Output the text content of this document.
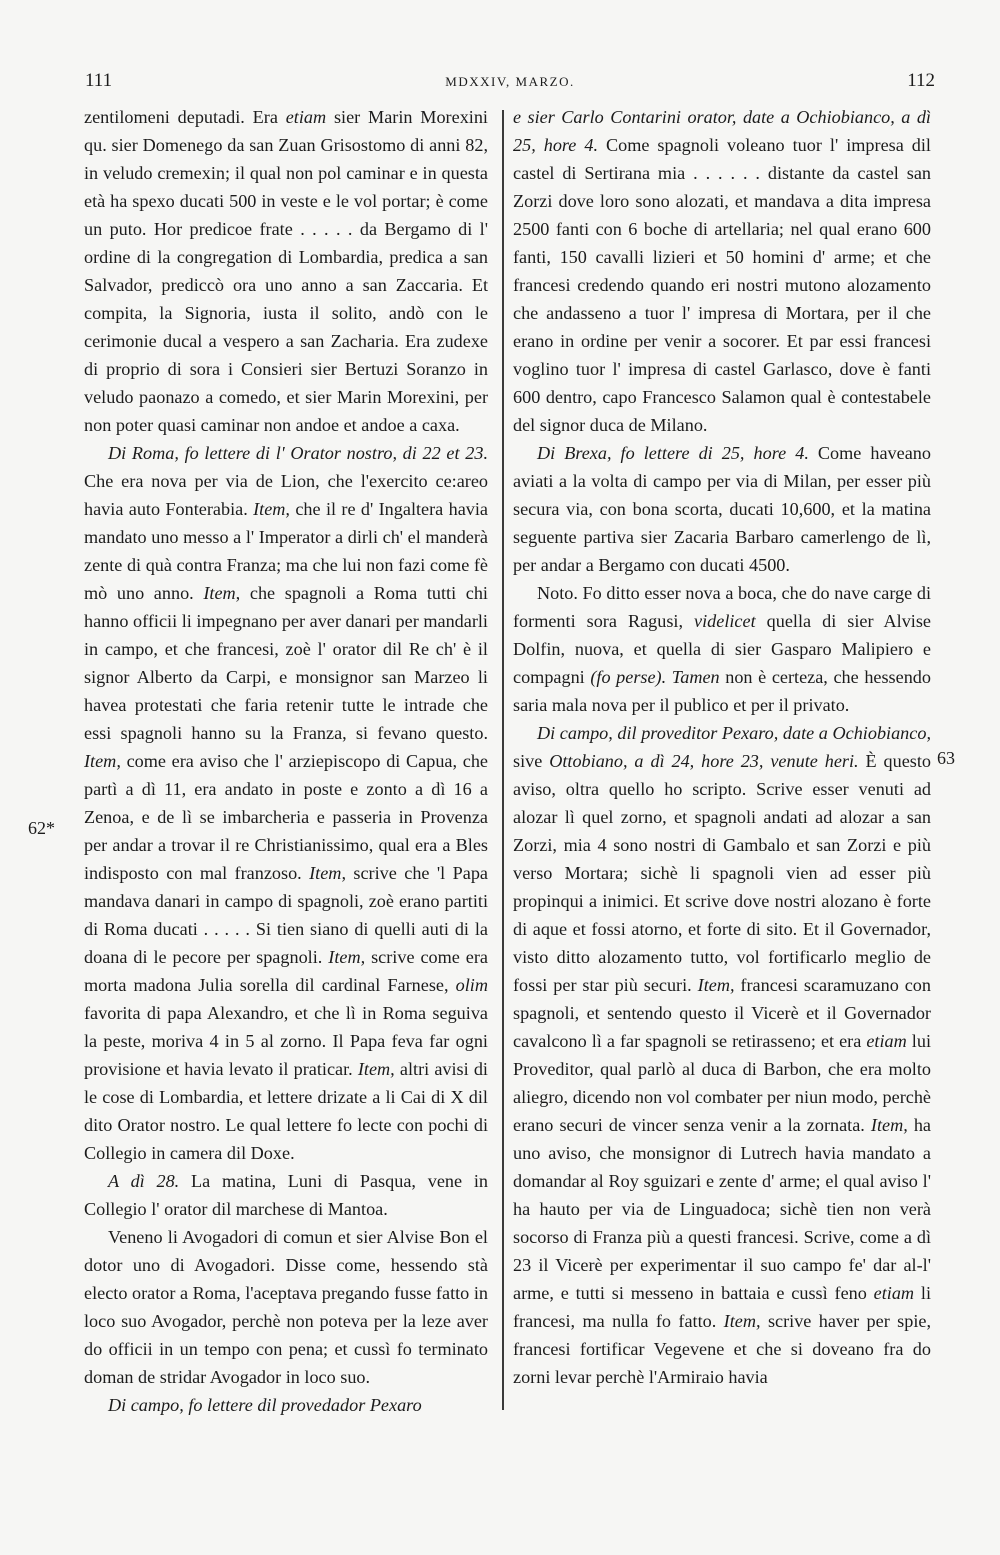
111	MDXXIV, MARZO.	112
62*
63

zentilomeni deputadi. Era etiam sier Marin Morexini qu. sier Domenego da san Zuan Grisostomo di anni 82, in veludo cremexin; il qual non pol caminar e in questa età ha spexo ducati 500 in veste e le vol portar; è come un puto. Hor predicoe frate . . . . . da Bergamo di l' ordine di la congregation di Lombardia, predica a san Salvador, prediccò ora uno anno a san Zaccaria. Et compita, la Signoria, iusta il solito, andò con le cerimonie ducal a vespero a san Zacharia. Era zudexe di proprio di sora i Consieri sier Bertuzi Soranzo in veludo paonazo a comedo, et sier Marin Morexini, per non poter quasi caminar non andoe et andoe a caxa.

Di Roma, fo lettere di l' Orator nostro, di 22 et 23. Che era nova per via de Lion, che l'exercito ce:areo havia auto Fonterabia. Item, che il re d' Ingaltera havia mandato uno messo a l' Imperator a dirli ch' el manderà zente di quà contra Franza; ma che lui non fazi come fè mò uno anno. Item, che spagnoli a Roma tutti chi hanno officii li impegnano per aver danari per mandarli in campo, et che francesi, zoè l' orator dil Re ch' è il signor Alberto da Carpi, e monsignor san Marzeo li havea protestati che faria retenir tutte le intrade che essi spagnoli hanno su la Franza, si fevano questo. Item, come era aviso che l' arziepiscopo di Capua, che partì a dì 11, era andato in poste e zonto a dì 16 a Zenoa, e de lì se imbarcheria e passeria in Provenza per andar a trovar il re Christianissimo, qual era a Bles indisposto con mal franzoso. Item, scrive che 'l Papa mandava danari in campo di spagnoli, zoè erano partiti di Roma ducati . . . . . Si tien siano di quelli auti di la doana di le pecore per spagnoli. Item, scrive come era morta madona Julia sorella dil cardinal Farnese, olim favorita di papa Alexandro, et che lì in Roma seguiva la peste, moriva 4 in 5 al zorno. Il Papa feva far ogni provisione et havia levato il praticar. Item, altri avisi di le cose di Lombardia, et lettere drizate a li Cai di X dil dito Orator nostro. Le qual lettere fo lecte con pochi di Collegio in camera dil Doxe.

A dì 28. La matina, Luni di Pasqua, vene in Collegio l' orator dil marchese di Mantoa.

Veneno li Avogadori di comun et sier Alvise Bon el dotor uno di Avogadori. Disse come, hessendo stà electo orator a Roma, l'aceptava pregando fusse fatto in loco suo Avogador, perchè non poteva per la leze aver do officii in un tempo con pena; et cussì fo terminato doman de stridar Avogador in loco suo.

Di campo, fo lettere dil provedador Pexaro

e sier Carlo Contarini orator, date a Ochiobianco, a dì 25, hore 4. Come spagnoli voleano tuor l' impresa dil castel di Sertirana mia . . . . . . distante da castel san Zorzi dove loro sono alozati, et mandava a dita impresa 2500 fanti con 6 boche di artellaria; nel qual erano 600 fanti, 150 cavalli lizieri et 50 homini d' arme; et che francesi credendo quando eri nostri mutono alozamento che andasseno a tuor l' impresa di Mortara, per il che erano in ordine per venir a socorer. Et par essi francesi voglino tuor l' impresa di castel Garlasco, dove è fanti 600 dentro, capo Francesco Salamon qual è contestabele del signor duca de Milano.

Di Brexa, fo lettere di 25, hore 4. Come haveano aviati a la volta di campo per via di Milan, per esser più secura via, con bona scorta, ducati 10,600, et la matina seguente partiva sier Zacaria Barbaro camerlengo de lì, per andar a Bergamo con ducati 4500.

Noto. Fo ditto esser nova a boca, che do nave carge di formenti sora Ragusi, videlicet quella di sier Alvise Dolfin, nuova, et quella di sier Gasparo Malipiero e compagni (fo perse). Tamen non è certeza, che hessendo saria mala nova per il publico et per il privato.

Di campo, dil proveditor Pexaro, date a Ochiobianco, sive Ottobiano, a dì 24, hore 23, venute heri. È questo aviso, oltra quello ho scripto. Scrive esser venuti ad alozar lì quel zorno, et spagnoli andati ad alozar a san Zorzi, mia 4 sono nostri di Gambalo et san Zorzi e più verso Mortara; sichè li spagnoli vien ad esser più propinqui a inimici. Et scrive dove nostri alozano è forte di aque et fossi atorno, et forte di sito. Et il Governador, visto ditto alozamento tutto, vol fortificarlo meglio de fossi per star più securi. Item, francesi scaramuzano con spagnoli, et sentendo questo il Vicerè et il Governador cavalcono lì a far spagnoli se retirasseno; et era etiam lui Proveditor, qual parlò al duca di Barbon, che era molto aliegro, dicendo non vol combater per niun modo, perchè erano securi de vincer senza venir a la zornata. Item, ha uno aviso, che monsignor di Lutrech havia mandato a domandar al Roy sguizari e zente d' arme; el qual aviso l' ha hauto per via de Linguadoca; sichè tien non verà socorso di Franza più a questi francesi. Scrive, come a dì 23 il Vicerè per experimentar il suo campo fe' dar al-l' arme, e tutti si messeno in battaia e cussì feno etiam li francesi, ma nulla fo fatto. Item, scrive haver per spie, francesi fortificar Vegevene et che si doveano fra do zorni levar perchè l'Armiraio havia
